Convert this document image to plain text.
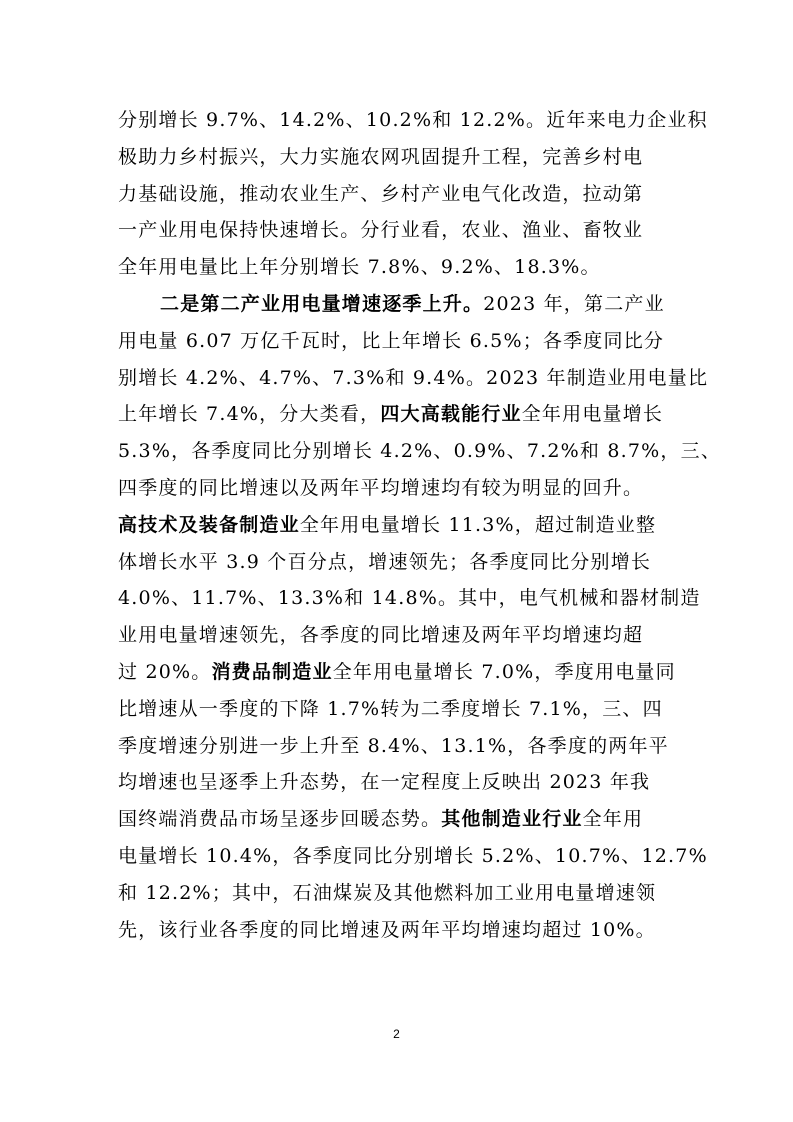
分别增长 9.7%、14.2%、10.2%和 12.2%。近年来电力企业积
极助力乡村振兴，大力实施农网巩固提升工程，完善乡村电
力基础设施，推动农业生产、乡村产业电气化改造，拉动第
一产业用电保持快速增长。分行业看，农业、渔业、畜牧业
全年用电量比上年分别增长 7.8%、9.2%、18.3%。
二是第二产业用电量增速逐季上升。2023 年，第二产业
用电量 6.07 万亿千瓦时，比上年增长 6.5%；各季度同比分
别增长 4.2%、4.7%、7.3%和 9.4%。2023 年制造业用电量比
上年增长 7.4%，分大类看，四大高载能行业全年用电量增长
5.3%，各季度同比分别增长 4.2%、0.9%、7.2%和 8.7%，三、
四季度的同比增速以及两年平均增速均有较为明显的回升。
高技术及装备制造业全年用电量增长 11.3%，超过制造业整
体增长水平 3.9 个百分点，增速领先；各季度同比分别增长
4.0%、11.7%、13.3%和 14.8%。其中，电气机械和器材制造
业用电量增速领先，各季度的同比增速及两年平均增速均超
过 20%。消费品制造业全年用电量增长 7.0%，季度用电量同
比增速从一季度的下降 1.7%转为二季度增长 7.1%，三、四
季度增速分别进一步上升至 8.4%、13.1%，各季度的两年平
均增速也呈逐季上升态势，在一定程度上反映出 2023 年我
国终端消费品市场呈逐步回暖态势。其他制造业行业全年用
电量增长 10.4%，各季度同比分别增长 5.2%、10.7%、12.7%
和 12.2%；其中，石油煤炭及其他燃料加工业用电量增速领
先，该行业各季度的同比增速及两年平均增速均超过 10%。
2
